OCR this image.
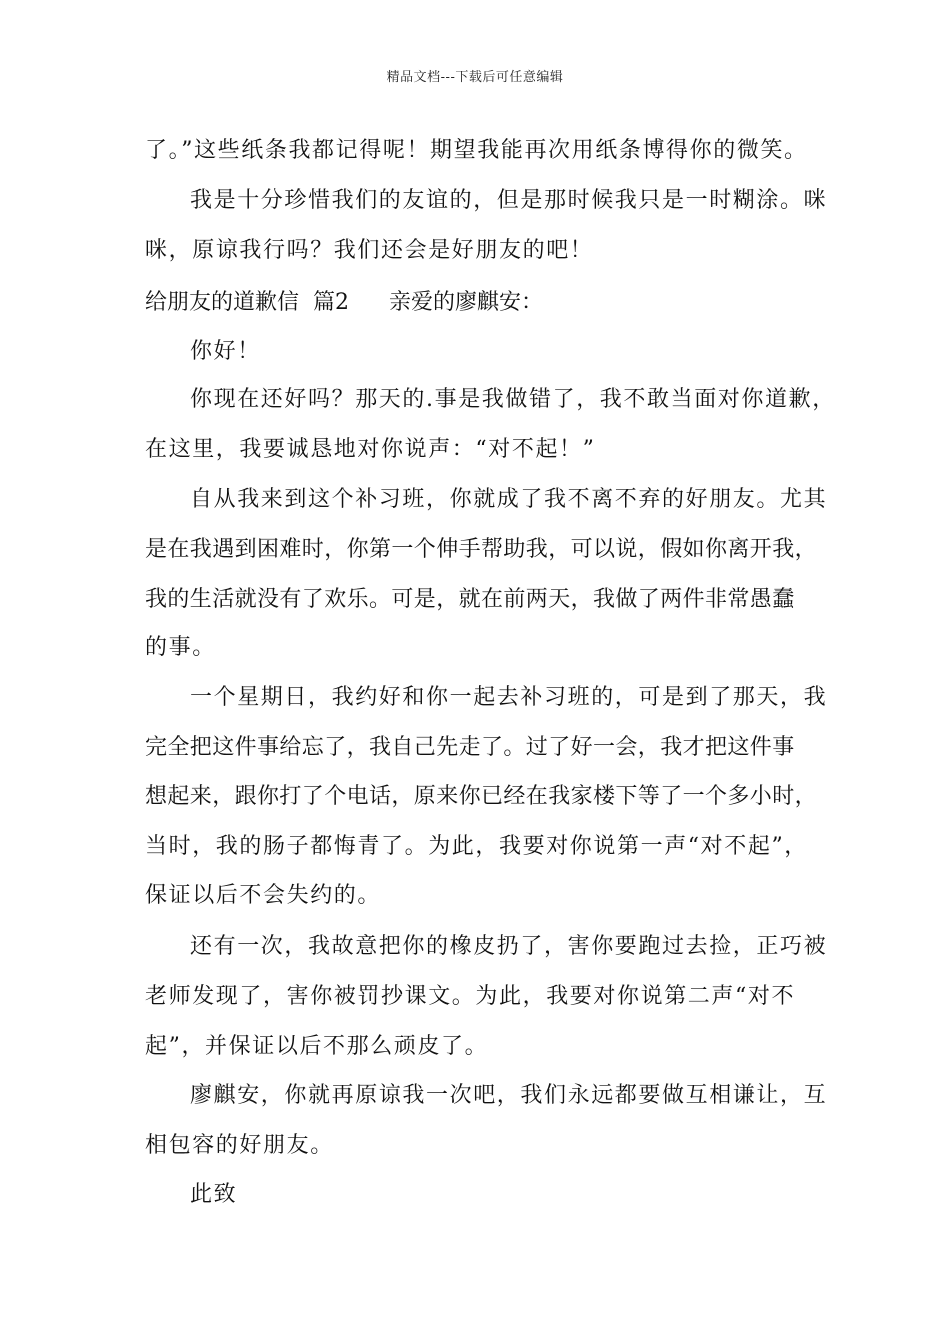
精品文档---下载后可任意编辑
了。”这些纸条我都记得呢！期望我能再次用纸条博得你的微笑。
我是十分珍惜我们的友谊的，但是那时候我只是一时糊涂。咪
咪，原谅我行吗？我们还会是好朋友的吧！
给朋友的道歉信 篇2 亲爱的廖麒安：
你好！
你现在还好吗？那天的.事是我做错了，我不敢当面对你道歉，
在这里，我要诚恳地对你说声：“对不起！”
自从我来到这个补习班，你就成了我不离不弃的好朋友。尤其
是在我遇到困难时，你第一个伸手帮助我，可以说，假如你离开我，
我的生活就没有了欢乐。可是，就在前两天，我做了两件非常愚蠢
的事。
一个星期日，我约好和你一起去补习班的，可是到了那天，我
完全把这件事给忘了，我自己先走了。过了好一会，我才把这件事
想起来，跟你打了个电话，原来你已经在我家楼下等了一个多小时，
当时，我的肠子都悔青了。为此，我要对你说第一声“对不起”，
保证以后不会失约的。
还有一次，我故意把你的橡皮扔了，害你要跑过去捡，正巧被
老师发现了，害你被罚抄课文。为此，我要对你说第二声“对不
起”，并保证以后不那么顽皮了。
廖麒安，你就再原谅我一次吧，我们永远都要做互相谦让，互
相包容的好朋友。
此致
